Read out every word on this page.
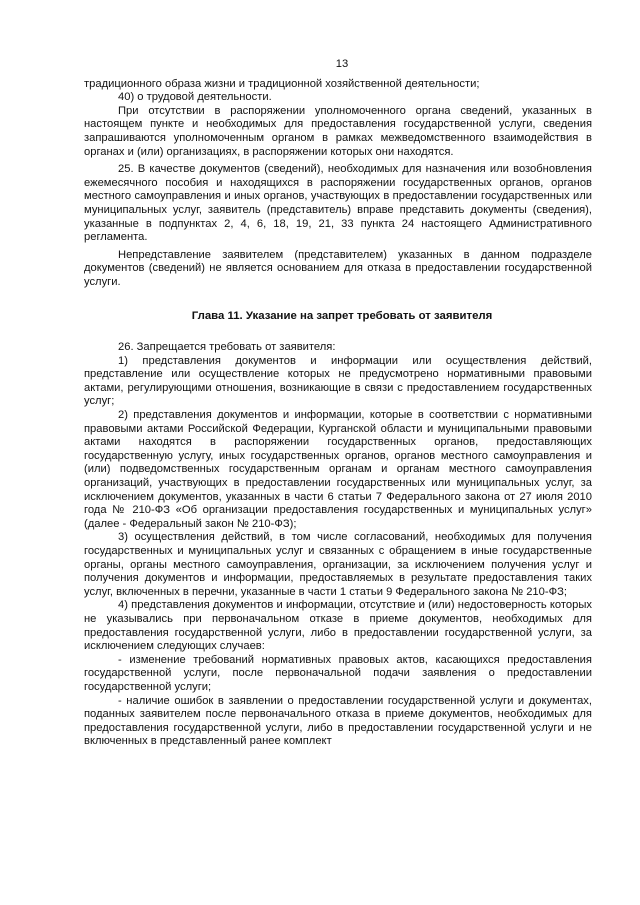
13

традиционного образа жизни и традиционной хозяйственной деятельности;

40) о трудовой деятельности.

При отсутствии в распоряжении уполномоченного органа сведений, указанных в настоящем пункте и необходимых для предоставления государственной услуги, сведения запрашиваются уполномоченным органом в рамках межведомственного взаимодействия в органах и (или) организациях, в распоряжении которых они находятся.

25. В качестве документов (сведений), необходимых для назначения или возобновления ежемесячного пособия и находящихся в распоряжении государственных органов, органов местного самоуправления и иных органов, участвующих в предоставлении государственных или муниципальных услуг, заявитель (представитель) вправе представить документы (сведения), указанные в подпунктах 2, 4, 6, 18, 19, 21, 33 пункта 24 настоящего Административного регламента.

Непредставление заявителем (представителем) указанных в данном подразделе документов (сведений) не является основанием для отказа в предоставлении государственной услуги.

Глава 11. Указание на запрет требовать от заявителя

26. Запрещается требовать от заявителя:

1) представления документов и информации или осуществления действий, представление или осуществление которых не предусмотрено нормативными правовыми актами, регулирующими отношения, возникающие в связи с предоставлением государственных услуг;

2) представления документов и информации, которые в соответствии с нормативными правовыми актами Российской Федерации, Курганской области и муниципальными правовыми актами находятся в распоряжении государственных органов, предоставляющих государственную услугу, иных государственных органов, органов местного самоуправления и (или) подведомственных государственным органам и органам местного самоуправления организаций, участвующих в предоставлении государственных или муниципальных услуг, за исключением документов, указанных в части 6 статьи 7 Федерального закона от 27 июля 2010 года № 210-ФЗ «Об организации предоставления государственных и муниципальных услуг» (далее - Федеральный закон № 210-ФЗ);

3) осуществления действий, в том числе согласований, необходимых для получения государственных и муниципальных услуг и связанных с обращением в иные государственные органы, органы местного самоуправления, организации, за исключением получения услуг и получения документов и информации, предоставляемых в результате предоставления таких услуг, включенных в перечни, указанные в части 1 статьи 9 Федерального закона № 210-ФЗ;

4) представления документов и информации, отсутствие и (или) недостоверность которых не указывались при первоначальном отказе в приеме документов, необходимых для предоставления государственной услуги, либо в предоставлении государственной услуги, за исключением следующих случаев:

- изменение требований нормативных правовых актов, касающихся предоставления государственной услуги, после первоначальной подачи заявления о предоставлении государственной услуги;

- наличие ошибок в заявлении о предоставлении государственной услуги и документах, поданных заявителем после первоначального отказа в приеме документов, необходимых для предоставления государственной услуги, либо в предоставлении государственной услуги и не включенных в представленный ранее комплект
